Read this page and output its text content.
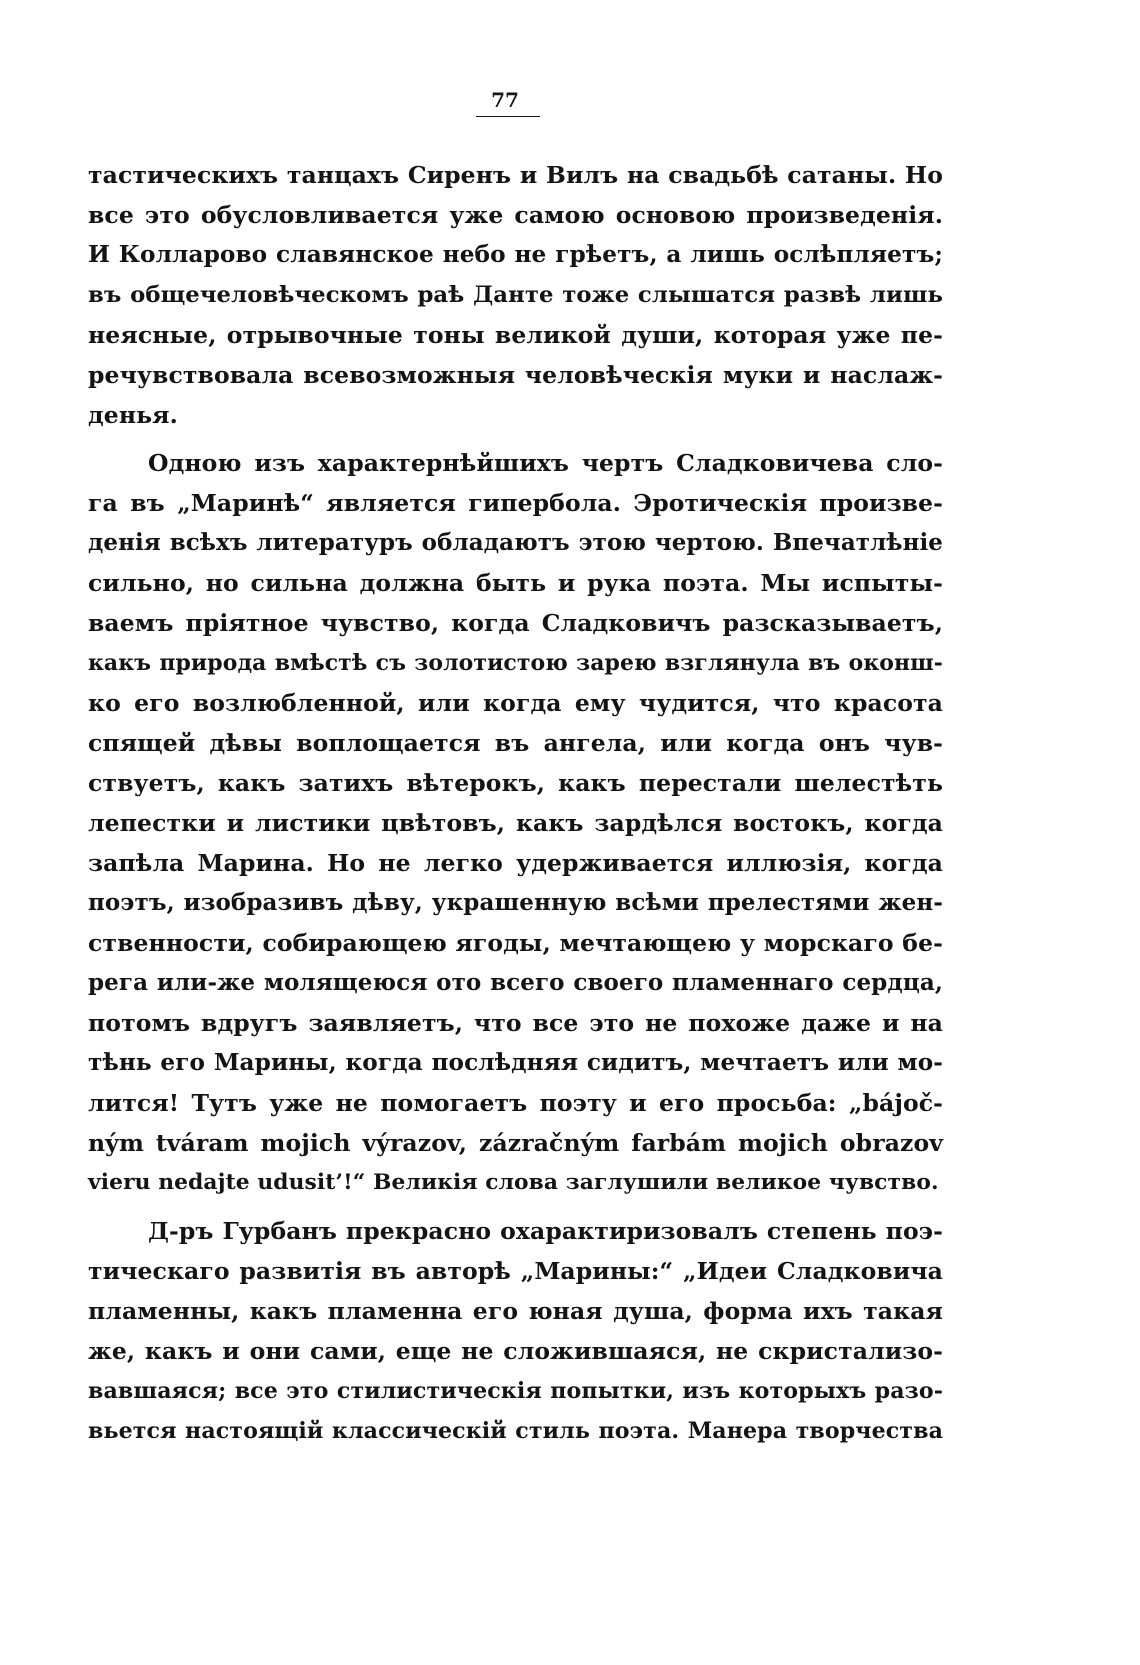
77
тастическихъ танцахъ Сиренъ и Вилъ на свадьбѣ сатаны. Но
все это обусловливается уже самою основою произведенія.
И Колларово славянское небо не грѣетъ, а лишь ослѣпляетъ;
въ общечеловѣческомъ раѣ Данте тоже слышатся развѣ лишь
неясные, отрывочные тоны великой души, которая уже пе-
речувствовала всевозможныя человѣческія муки и наслаж-
денья.
Одною изъ характернѣйшихъ чертъ Сладковичева сло-
га въ „Маринѣ“ является гипербола. Эротическія произве-
денія всѣхъ литературъ обладаютъ этою чертою. Впечатлѣніе
сильно, но сильна должна быть и рука поэта. Мы испыты-
ваемъ пріятное чувство, когда Сладковичъ разсказываетъ,
какъ природа вмѣстѣ съ золотистою зарею взглянула въ оконш-
ко его возлюбленной, или когда ему чудится, что красота
спящей дѣвы воплощается въ ангела, или когда онъ чув-
ствуетъ, какъ затихъ вѣтерокъ, какъ перестали шелестѣть
лепестки и листики цвѣтовъ, какъ зардѣлся востокъ, когда
запѣла Марина. Но не легко удерживается иллюзія, когда
поэтъ, изобразивъ дѣву, украшенную всѣми прелестями жен-
ственности, собирающею ягоды, мечтающею у морскаго бе-
рега или-же молящеюся ото всего своего пламеннаго сердца,
потомъ вдругъ заявляетъ, что все это не похоже даже и на
тѣнь его Марины, когда послѣдняя сидитъ, мечтаетъ или мо-
лится! Тутъ уже не помогаетъ поэту и его просьба: „bájoč-
ným tváram mojich výrazov, zázračným farbám mojich obrazov
vieru nedajte udusit’!“ Великія слова заглушили великое чувство.
Д-ръ Гурбанъ прекрасно охарактиризовалъ степень поэ-
тическаго развитія въ авторѣ „Марины:“ „Идеи Сладковича
пламенны, какъ пламенна его юная душа, форма ихъ такая
же, какъ и они сами, еще не сложившаяся, не скристализо-
вавшаяся; все это стилистическія попытки, изъ которыхъ разо-
вьется настоящій классическій стиль поэта. Манера творчества
